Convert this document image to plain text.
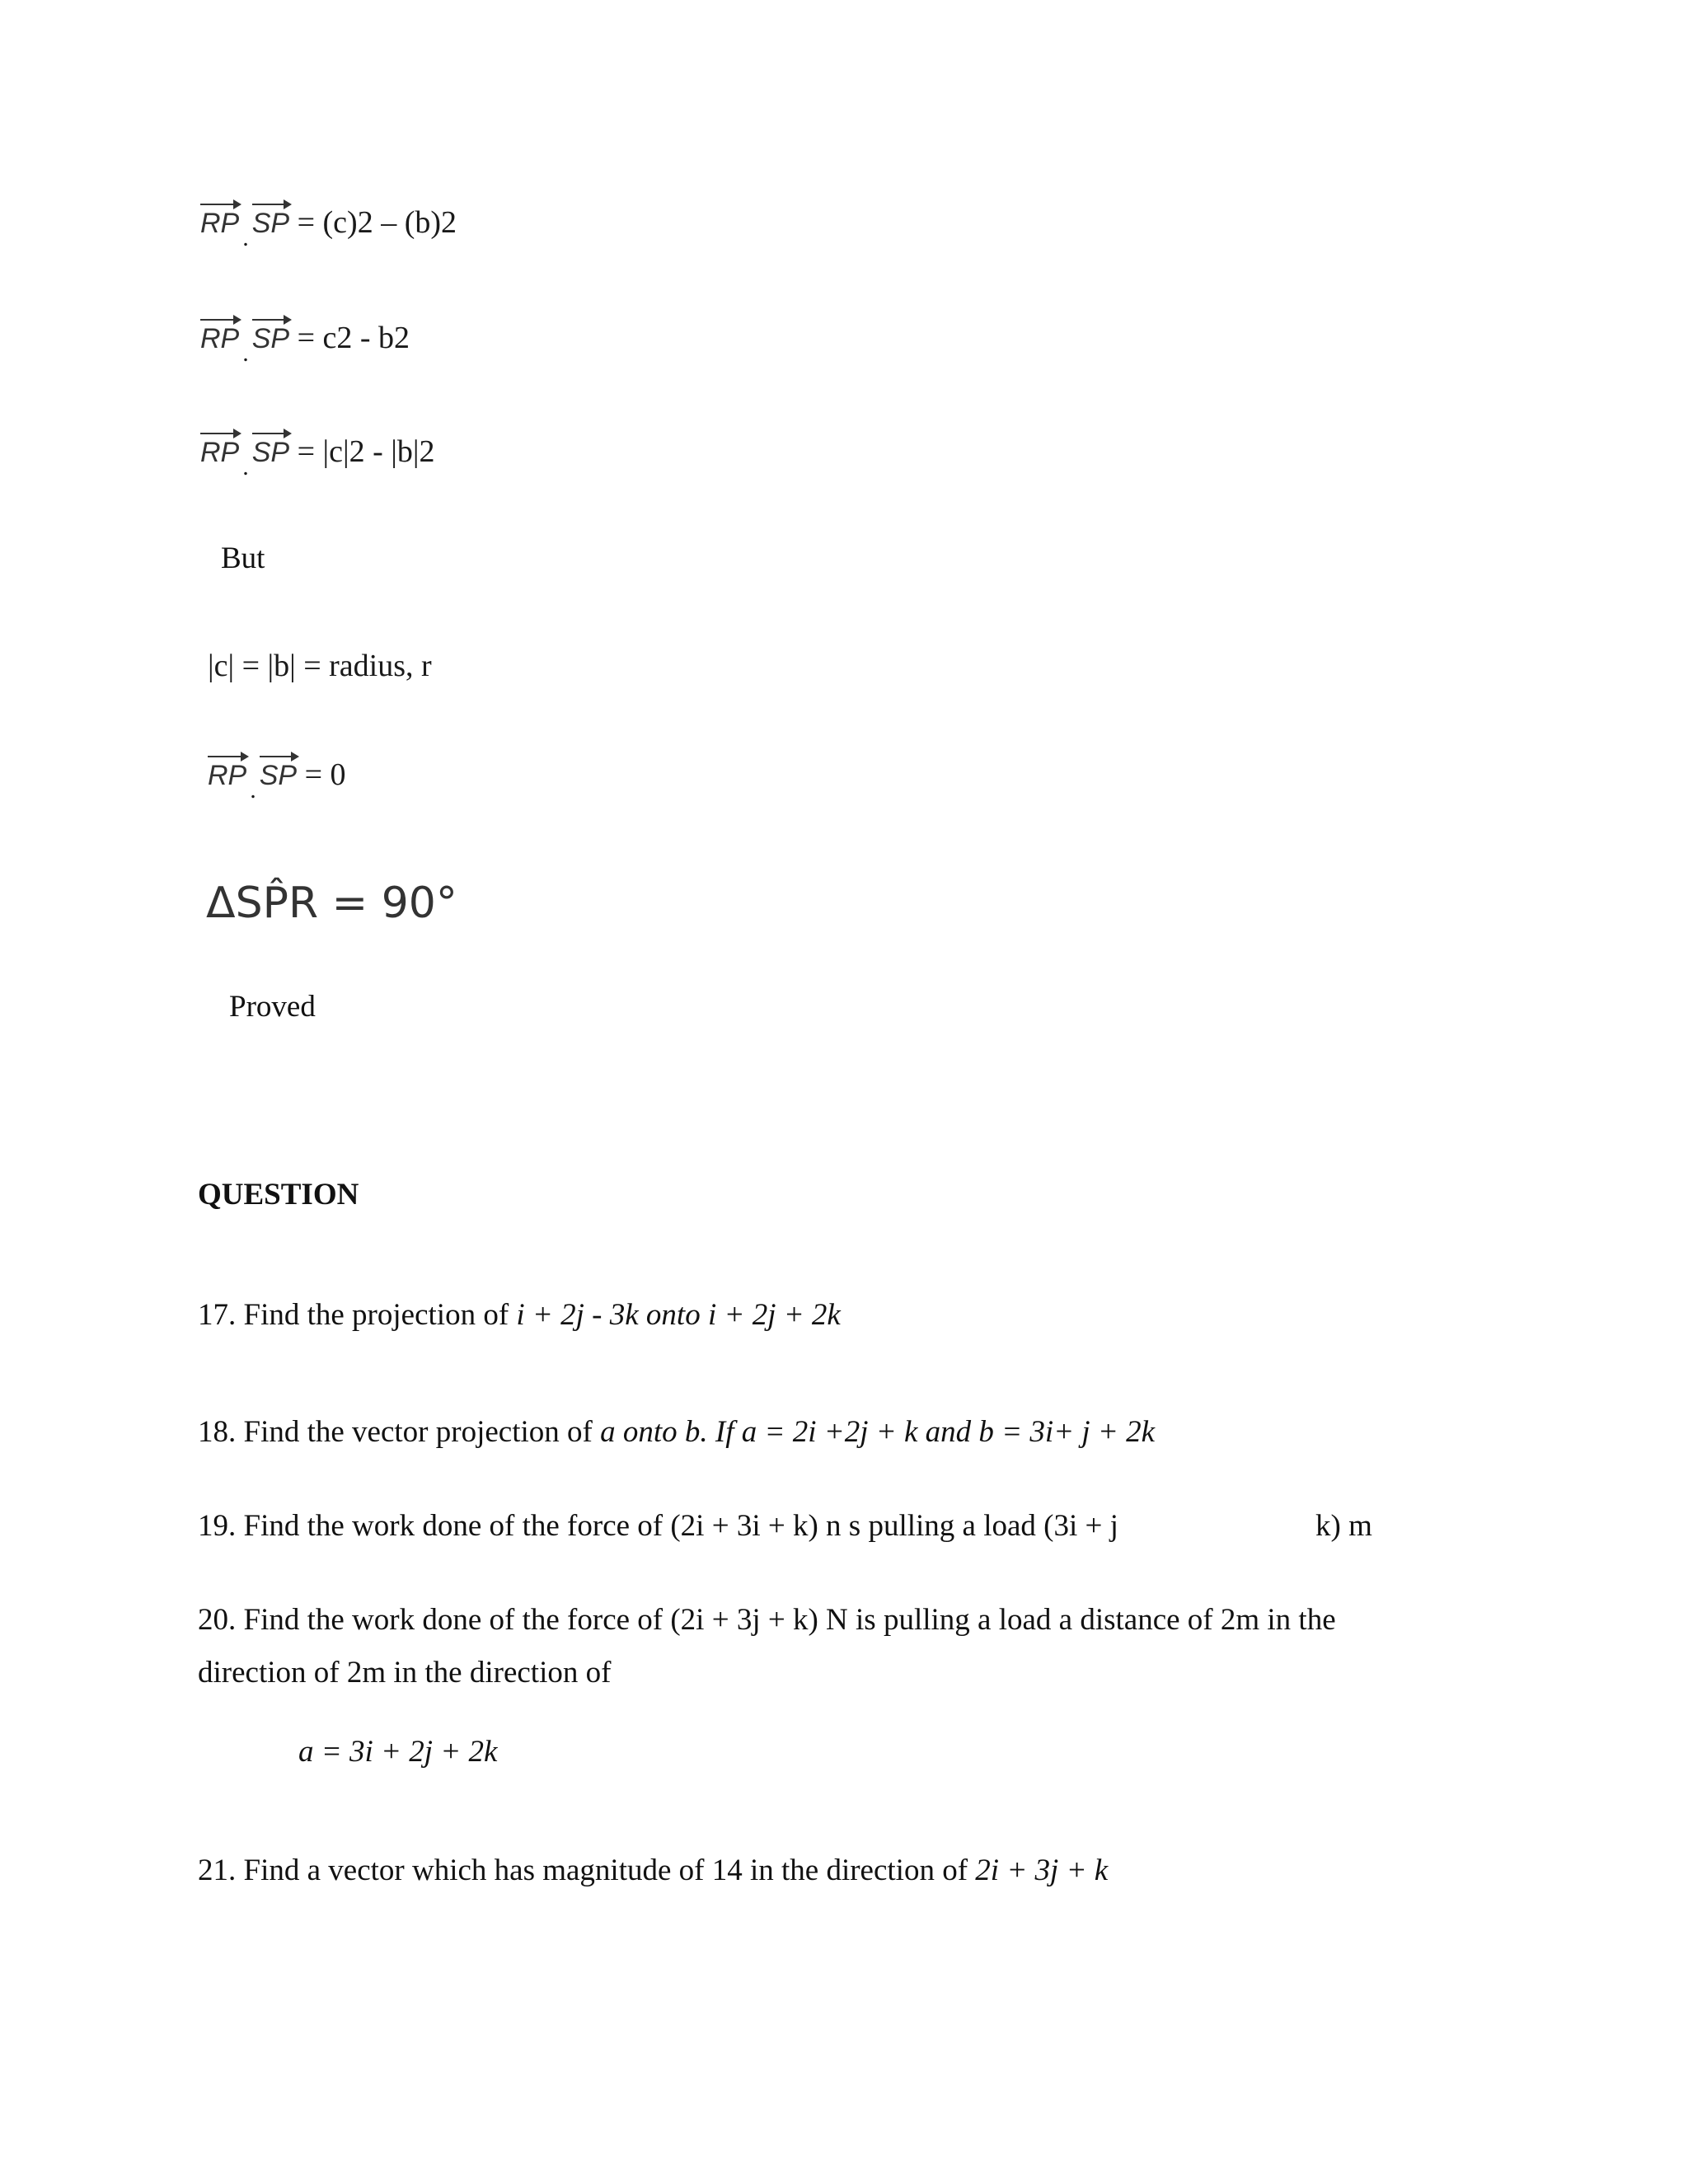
RP $_.$ SP = (c)2 – (b)2
RP $_.$ SP = c2 - b2
RP $_.$ SP = |c|2 - |b|2
But
|c| = |b| = radius, r
RP $_.$ SP = 0
ΔSP̂R = 90°
Proved
QUESTION
17. Find the projection of i + 2j - 3k onto i + 2j + 2k
18. Find the vector projection of a onto b. If a = 2i +2j + k and b = 3i+ j + 2k
19. Find the work done of the force of (2i + 3i + k) n s pulling a load (3i + j	k) m
20. Find the work done of the force of (2i + 3j + k) N is pulling a load a distance of 2m in the
direction of 2m in the direction of
a = 3i + 2j + 2k
21. Find a vector which has magnitude of 14 in the direction of 2i + 3j + k
